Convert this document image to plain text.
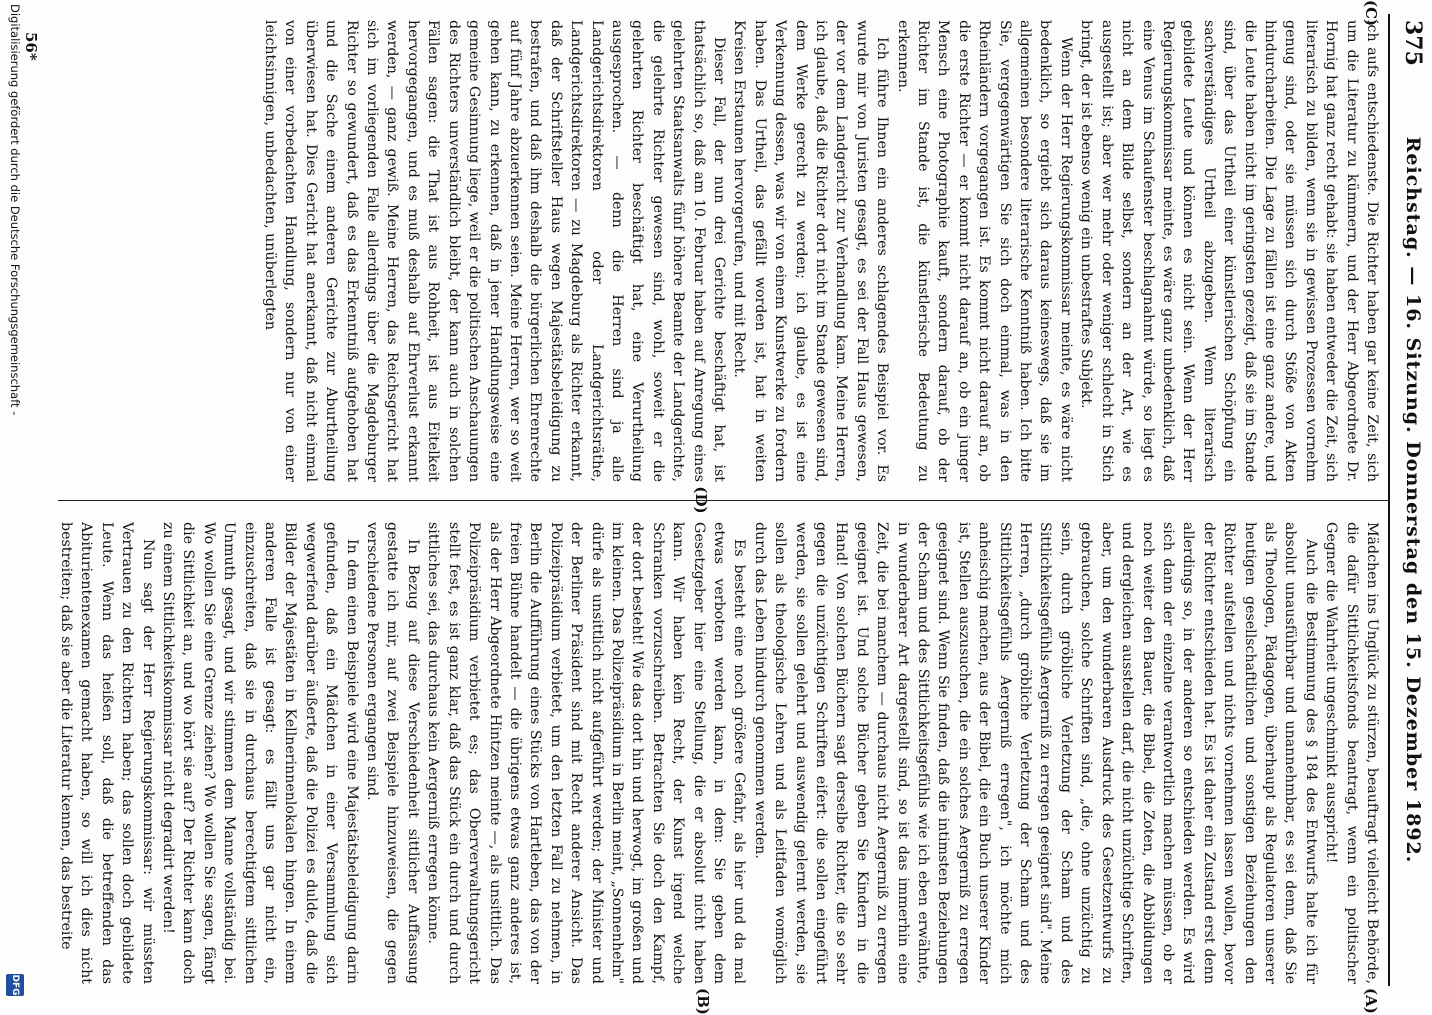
375
Reichstag. — 16. Sitzung. Donnerstag den 15. Dezember 1892.
(C)
(D)
(A)
(B)

ich aufs entschiedenste. Die Richter haben gar keine Zeit, sich um die Literatur zu kümmern, und der Herr Abgeordnete Dr. Hornig hat ganz recht gehabt: sie haben entweder die Zeit, sich literarisch zu bilden, wenn sie in gewissen Prozessen vornehm genug sind, oder sie müssen sich durch Stöße von Akten hindurcharbeiten. Die Lage zu fällen ist eine ganz andere, und die Leute haben nicht im geringsten gezeigt, daß sie im Stande sind, über das Urtheil einer künstlerischen Schöpfung ein sachverständiges Urtheil abzugeben. Wenn literarisch gebildete Leute und können es nicht sein. Wenn der Herr Regierungskommissar meinte, es wäre ganz unbedenklich, daß eine Venus im Schaufenster beschlagnahmt würde, so liegt es nicht an dem Bilde selbst, sondern an der Art, wie es ausgestellt ist; aber wer mehr oder weniger schlecht in Stich bringt, der ist ebenso wenig ein unbestraftes Subjekt.

Wenn der Herr Regierungskommissar meinte, es wäre nicht bedenklich, so ergiebt sich daraus keineswegs, daß sie im allgemeinen besondere literarische Kenntniß haben. Ich bitte Sie, vergegenwärtigen Sie sich doch einmal, was in den Rheinländern vorgegangen ist. Es kommt nicht darauf an, ob die erste Richter — er kommt nicht darauf an, ob ein junger Mensch eine Photographie kauft, sondern darauf, ob der Richter im Stande ist, die künstlerische Bedeutung zu erkennen.

Ich führe Ihnen ein anderes schlagendes Beispiel vor. Es wurde mir von Juristen gesagt, es sei der Fall Haus gewesen, der vor dem Landgericht zur Verhandlung kam. Meine Herren, ich glaube, daß die Richter dort nicht im Stande gewesen sind, dem Werke gerecht zu werden; ich glaube, es ist eine Verkennung dessen, was wir von einem Kunstwerke zu fordern haben. Das Urtheil, das gefällt worden ist, hat in weiten Kreisen Erstaunen hervorgerufen, und mit Recht.

Dieser Fall, der nun drei Gerichte beschäftigt hat, ist thatsächlich so, daß am 10. Februar haben auf Anregung eines gelehrten Staatsanwalts fünf höhere Beamte der Landgerichte, die gelehrte Richter gewesen sind, wohl, soweit er die gelehrten Richter beschäftigt hat, eine Verurtheilung ausgesprochen. — denn die Herren sind ja alle Landgerichtsdirektoren oder Landgerichtsräthe, Landgerichtsdirektoren — zu Magdeburg als Richter erkannt, daß der Schriftsteller Haus wegen Majestätsbeleidigung zu bestrafen, und daß ihm deshalb die bürgerlichen Ehrenrechte auf fünf Jahre abzuerkennen seien. Meine Herren, wer so weit gehen kann, zu erkennen, daß in jener Handlungsweise eine gemeine Gesinnung liege, weil er die politischen Anschauungen des Richters unverständlich bleibt, der kann auch in solchen Fällen sagen: die That ist aus Rohheit, ist aus Eitelkeit hervorgegangen, und es muß deshalb auf Ehrverlust erkannt werden, — ganz gewiß. Meine Herren, das Reichsgericht hat sich im vorliegenden Falle allerdings über die Magdeburger Richter so gewundert, daß es das Erkenntniß aufgehoben hat und die Sache einem anderen Gerichte zur Aburtheilung überwiesen hat. Dies Gericht hat anerkannt, daß nicht einmal von einer vorbedachten Handlung, sondern nur von einer leichtsinnigen, unbedachten, unüberlegten

Mädchen ins Unglück zu stürzen, beauftragt vielleicht Behörde, die dafür Sittlichkeitsfonds beantragt, wenn ein politischer Gegner die Wahrheit ungeschminkt ausspricht!

Auch die Bestimmung des § 184 des Entwurfs halte ich für absolut unausführbar und unannehmbar, es sei denn, daß Sie als Theologen, Pädagogen, überhaupt als Regulatoren unserer heutigen gesellschaftlichen und sonstigen Beziehungen den Richter aufstellen und nichts vornehmen lassen wollen, bevor der Richter entschieden hat. Es ist daher ein Zustand erst denn allerdings so, in der anderen so entschieden werden. Es wird sich dann der einzelne verantwortlich machen müssen, ob er noch weiter den Bauer, die Bibel, die Zoten, die Abbildungen und dergleichen ausstellen darf, die nicht unzüchtige Schriften, aber, um den wunderbaren Ausdruck des Gesetzentwurfs zu gebrauchen, solche Schriften sind, „die, ohne unzüchtig zu sein, durch gröbliche Verletzung der Scham und des Sittlichkeitsgefühls Aergerniß zu erregen geeignet sind". Meine Herren, „durch gröbliche Verletzung der Scham und des Sittlichkeitsgefühls Aergerniß erregen", ich möchte mich anheischig machen, aus der Bibel, die ein Buch unserer Kinder ist, Stellen auszusuchen, die ein solches Aergerniß zu erregen geeignet sind. Wenn Sie finden, daß die intimsten Beziehungen der Scham und des Sittlichkeitsgefühls wie ich eben erwähnte, in wunderbarer Art dargestellt sind, so ist das immerhin eine Zeit, die bei manchem — durchaus nicht Aergerniß zu erregen geeignet ist. Und solche Bücher geben Sie Kindern in die Hand! Von solchen Büchern sagt derselbe Richter, die so sehr gegen die unzüchtigen Schriften eifert: die sollen eingeführt werden, sie sollen gelehrt und auswendig gelernt werden, sie sollen als theologische Lehren und als Leitfaden womöglich durch das Leben hindurch genommen werden.

Es besteht eine noch größere Gefahr, als hier und da mal etwas verboten werden kann, in dem: Sie geben dem Gesetzgeber hier eine Stellung, die er absolut nicht haben kann. Wir haben kein Recht, der Kunst irgend welche Schranken vorzuschreiben. Betrachten Sie doch den Kampf, der dort besteht! Wie das dort hin und herwogt, im großen und im kleinen. Das Polizeipräsidium in Berlin meint, „Sonnenhelm" dürfe als unsittlich nicht aufgeführt werden; der Minister und der Berliner Präsident sind mit Recht anderer Ansicht. Das Polizeipräsidium verbietet, um den letzten Fall zu nehmen, in Berlin die Aufführung eines Stücks von Hartleben, das von der freien Bühne handelt — die übrigens etwas ganz anderes ist, als der Herr Abgeordnete Hintzen meinte —, als unsittlich. Das Polizeipräsidium verbietet es; das Oberverwaltungsgericht stellt fest, es ist ganz klar, daß das Stück ein durch und durch sittliches sei, das durchaus kein Aergerniß erregen könne.

In Bezug auf diese Verschiedenheit sittlicher Auffassung gestatte ich mir, auf zwei Beispiele hinzuweisen, die gegen verschiedene Personen ergangen sind.

In dem einen Beispiele wird eine Majestätsbeleidigung darin gefunden, daß ein Mädchen in einer Versammlung sich wegwerfend darüber äußerte, daß die Polizei es dulde, daß die Bilder der Majestäten in Kellnerinnenlokalen hingen. In einem anderen Falle ist gesagt: es fällt uns gar nicht ein, einzuschreiten, daß sie in durchaus berechtigtem sittlichen Unmuth gesagt, und wir stimmen dem Manne vollständig bei. Wo wollen Sie eine Grenze ziehen? Wo wollen Sie sagen, fängt die Sittlichkeit an, und wo hört sie auf? Der Richter kann doch zu einem Sittlichkeitskommissar nicht degradirt werden!

Nun sagt der Herr Regierungskommissar: wir müssten Vertrauen zu den Richtern haben; das sollen doch gebildete Leute. Wenn das heißen soll, daß die betreffenden das Abiturientenexamen gemacht haben, so will ich dies nicht bestreiten; daß sie aber die Literatur kennen, das bestreite

56*
Digitalisierung gefördert durch die Deutsche Forschungsgemeinschaft -
DFG
